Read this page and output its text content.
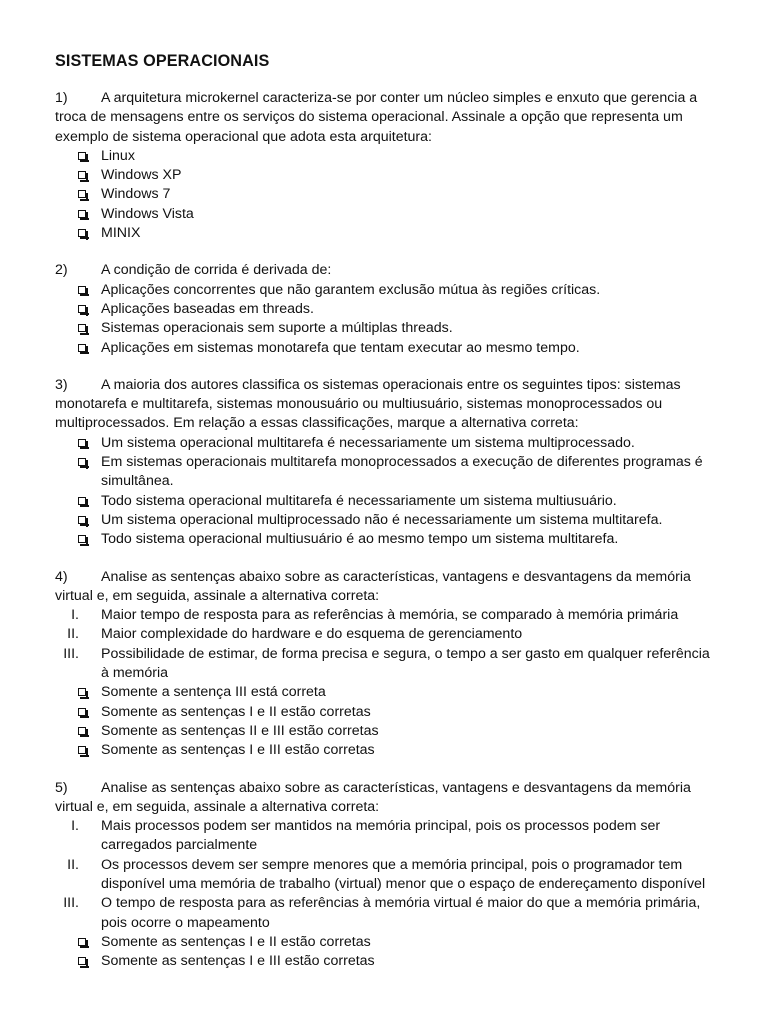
SISTEMAS OPERACIONAIS

1) A arquitetura microkernel caracteriza-se por conter um núcleo simples e enxuto que gerencia a troca de mensagens entre os serviços do sistema operacional. Assinale a opção que representa um exemplo de sistema operacional que adota esta arquitetura:

Linux
Windows XP
Windows 7
Windows Vista
MINIX

2) A condição de corrida é derivada de:

Aplicações concorrentes que não garantem exclusão mútua às regiões críticas.
Aplicações baseadas em threads.
Sistemas operacionais sem suporte a múltiplas threads.
Aplicações em sistemas monotarefa que tentam executar ao mesmo tempo.

3) A maioria dos autores classifica os sistemas operacionais entre os seguintes tipos: sistemas monotarefa e multitarefa, sistemas monousuário ou multiusuário, sistemas monoprocessados ou multiprocessados. Em relação a essas classificações, marque a alternativa correta:

Um sistema operacional multitarefa é necessariamente um sistema multiprocessado.
Em sistemas operacionais multitarefa monoprocessados a execução de diferentes programas é simultânea.
Todo sistema operacional multitarefa é necessariamente um sistema multiusuário.
Um sistema operacional multiprocessado não é necessariamente um sistema multitarefa.
Todo sistema operacional multiusuário é ao mesmo tempo um sistema multitarefa.

4) Analise as sentenças abaixo sobre as características, vantagens e desvantagens da memória virtual e, em seguida, assinale a alternativa correta:

I. Maior tempo de resposta para as referências à memória, se comparado à memória primária
II. Maior complexidade do hardware e do esquema de gerenciamento
III. Possibilidade de estimar, de forma precisa e segura, o tempo a ser gasto em qualquer referência à memória
Somente a sentença III está correta
Somente as sentenças I e II estão corretas
Somente as sentenças II e III estão corretas
Somente as sentenças I e III estão corretas

5) Analise as sentenças abaixo sobre as características, vantagens e desvantagens da memória virtual e, em seguida, assinale a alternativa correta:

I. Mais processos podem ser mantidos na memória principal, pois os processos podem ser carregados parcialmente
II. Os processos devem ser sempre menores que a memória principal, pois o programador tem disponível uma memória de trabalho (virtual) menor que o espaço de endereçamento disponível
III. O tempo de resposta para as referências à memória virtual é maior do que a memória primária, pois ocorre o mapeamento
Somente as sentenças I e II estão corretas
Somente as sentenças I e III estão corretas
